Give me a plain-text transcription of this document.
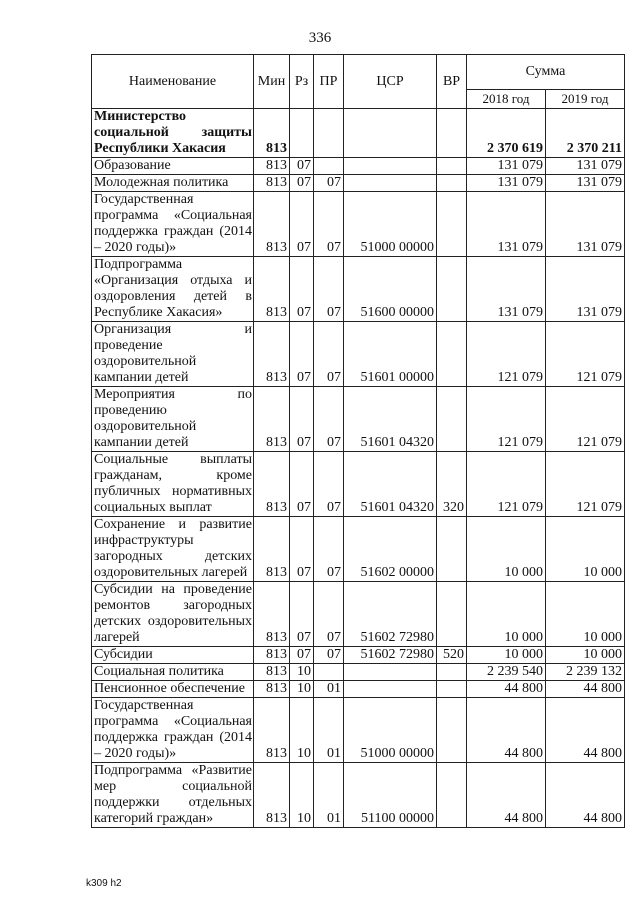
336
Наименование	Мин	Рз	ПР	ЦСР	ВР	Сумма	
						2018 год	2019 год
Министерство социальной защиты Республики Хакасия	813					2 370 619	2 370 211
Образование	813	07				131 079	131 079
Молодежная политика	813	07	07			131 079	131 079
Государственная программа «Социальная поддержка граждан (2014 – 2020 годы)»	813	07	07	51000 00000		131 079	131 079
Подпрограмма «Организация отдыха и оздоровления детей в Республике Хакасия»	813	07	07	51600 00000		131 079	131 079
Организация и проведение оздоровительной кампании детей	813	07	07	51601 00000		121 079	121 079
Мероприятия по проведению оздоровительной кампании детей	813	07	07	51601 04320		121 079	121 079
Социальные выплаты гражданам, кроме публичных нормативных социальных выплат	813	07	07	51601 04320	320	121 079	121 079
Сохранение и развитие инфраструктуры загородных детских оздоровительных лагерей	813	07	07	51602 00000		10 000	10 000
Субсидии на проведение ремонтов загородных детских оздоровительных лагерей	813	07	07	51602 72980		10 000	10 000
Субсидии	813	07	07	51602 72980	520	10 000	10 000
Социальная политика	813	10				2 239 540	2 239 132
Пенсионное обеспечение	813	10	01			44 800	44 800
Государственная программа «Социальная поддержка граждан (2014 – 2020 годы)»	813	10	01	51000 00000		44 800	44 800
Подпрограмма «Развитие мер социальной поддержки отдельных категорий граждан»	813	10	01	51100 00000		44 800	44 800
k309 h2
